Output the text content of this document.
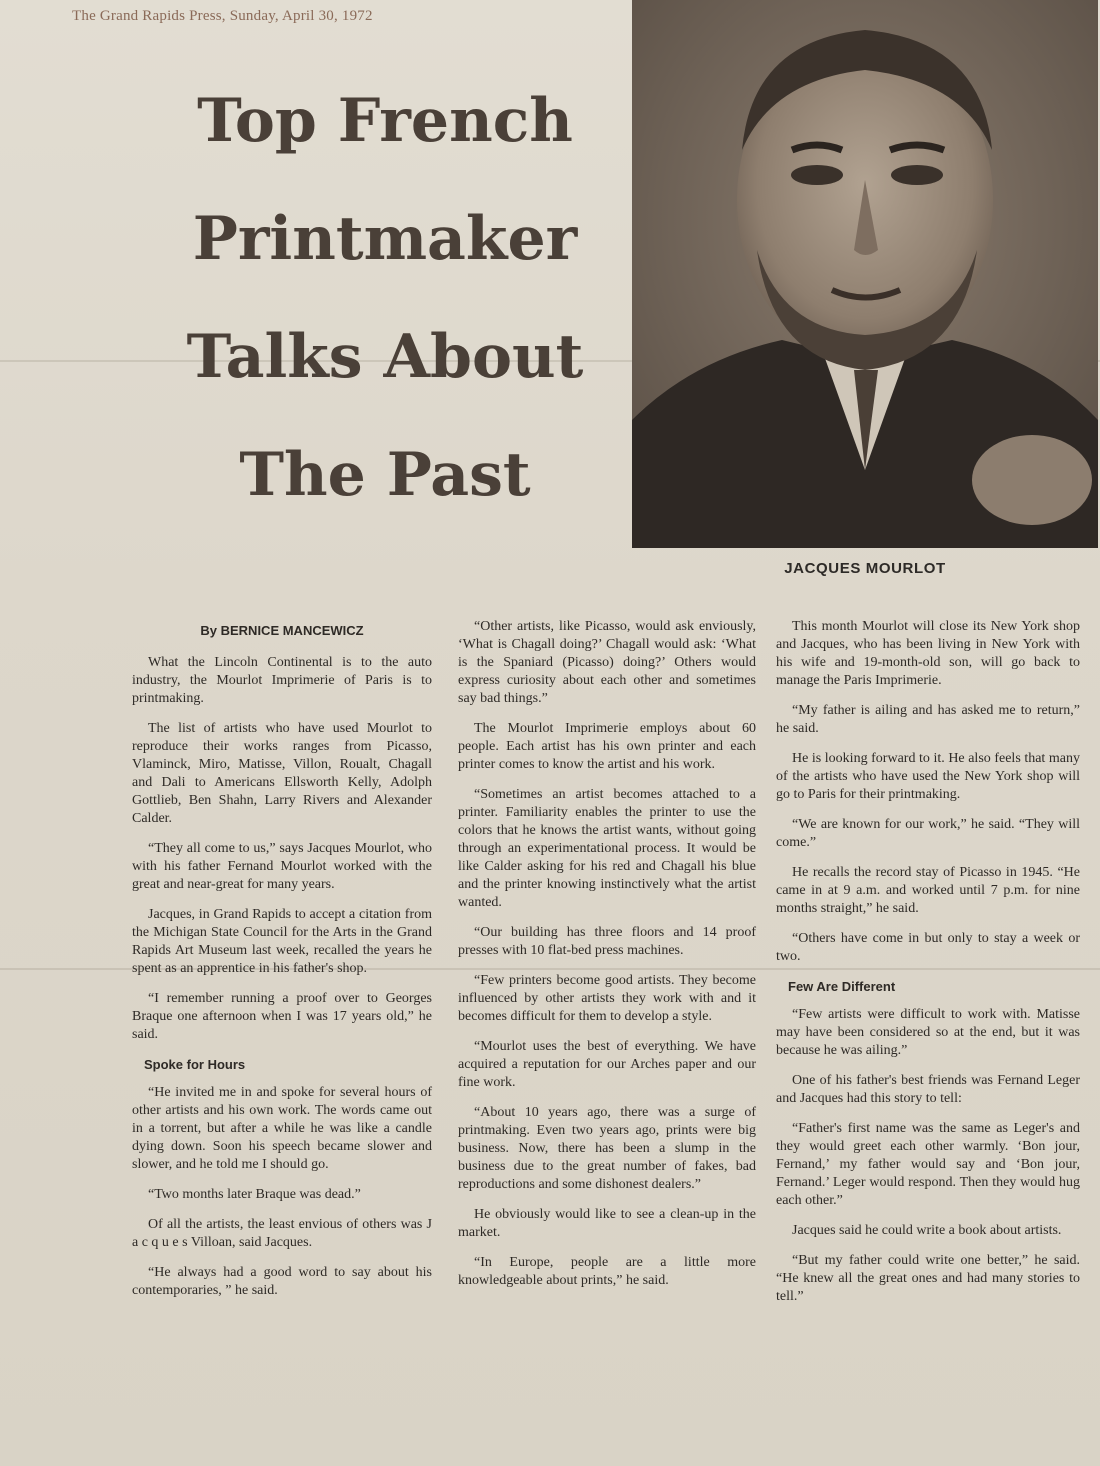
The Grand Rapids Press, Sunday, April 30, 1972
Top French
Printmaker
Talks About
The Past
JACQUES MOURLOT

By BERNICE MANCEWICZ

What the Lincoln Continental is to the auto industry, the Mourlot Imprimerie of Paris is to printmaking.

The list of artists who have used Mourlot to reproduce their works ranges from Picasso, Vlaminck, Miro, Matisse, Villon, Roualt, Chagall and Dali to Americans Ellsworth Kelly, Adolph Gottlieb, Ben Shahn, Larry Rivers and Alexander Calder.

“They all come to us,” says Jacques Mourlot, who with his father Fernand Mourlot worked with the great and near-great for many years.

Jacques, in Grand Rapids to accept a citation from the Michigan State Council for the Arts in the Grand Rapids Art Museum last week, recalled the years he spent as an apprentice in his father's shop.

“I remember running a proof over to Georges Braque one afternoon when I was 17 years old,” he said.

Spoke for Hours

“He invited me in and spoke for several hours of other artists and his own work. The words came out in a torrent, but after a while he was like a candle dying down. Soon his speech became slower and slower, and he told me I should go.

“Two months later Braque was dead.”

Of all the artists, the least envious of others was J a c q u e s Villoan, said Jacques.

“He always had a good word to say about his contemporaries, ” he said.

“Other artists, like Picasso, would ask enviously, ‘What is Chagall doing?’ Chagall would ask: ‘What is the Spaniard (Picasso) doing?’ Others would express curiosity about each other and sometimes say bad things.”

The Mourlot Imprimerie employs about 60 people. Each artist has his own printer and each printer comes to know the artist and his work.

“Sometimes an artist becomes attached to a printer. Familiarity enables the printer to use the colors that he knows the artist wants, without going through an experimentational process. It would be like Calder asking for his red and Chagall his blue and the printer knowing instinctively what the artist wanted.

“Our building has three floors and 14 proof presses with 10 flat-bed press machines.

“Few printers become good artists. They become influenced by other artists they work with and it becomes difficult for them to develop a style.

“Mourlot uses the best of everything. We have acquired a reputation for our Arches paper and our fine work.

“About 10 years ago, there was a surge of printmaking. Even two years ago, prints were big business. Now, there has been a slump in the business due to the great number of fakes, bad reproductions and some dishonest dealers.”

He obviously would like to see a clean-up in the market.

“In Europe, people are a little more knowledgeable about prints,” he said.

This month Mourlot will close its New York shop and Jacques, who has been living in New York with his wife and 19-month-old son, will go back to manage the Paris Imprimerie.

“My father is ailing and has asked me to return,” he said.

He is looking forward to it. He also feels that many of the artists who have used the New York shop will go to Paris for their printmaking.

“We are known for our work,” he said. “They will come.”

He recalls the record stay of Picasso in 1945. “He came in at 9 a.m. and worked until 7 p.m. for nine months straight,” he said.

“Others have come in but only to stay a week or two.

Few Are Different

“Few artists were difficult to work with. Matisse may have been considered so at the end, but it was because he was ailing.”

One of his father's best friends was Fernand Leger and Jacques had this story to tell:

“Father's first name was the same as Leger's and they would greet each other warmly. ‘Bon jour, Fernand,’ my father would say and ‘Bon jour, Fernand.’ Leger would respond. Then they would hug each other.”

Jacques said he could write a book about artists.

“But my father could write one better,” he said. “He knew all the great ones and had many stories to tell.”
